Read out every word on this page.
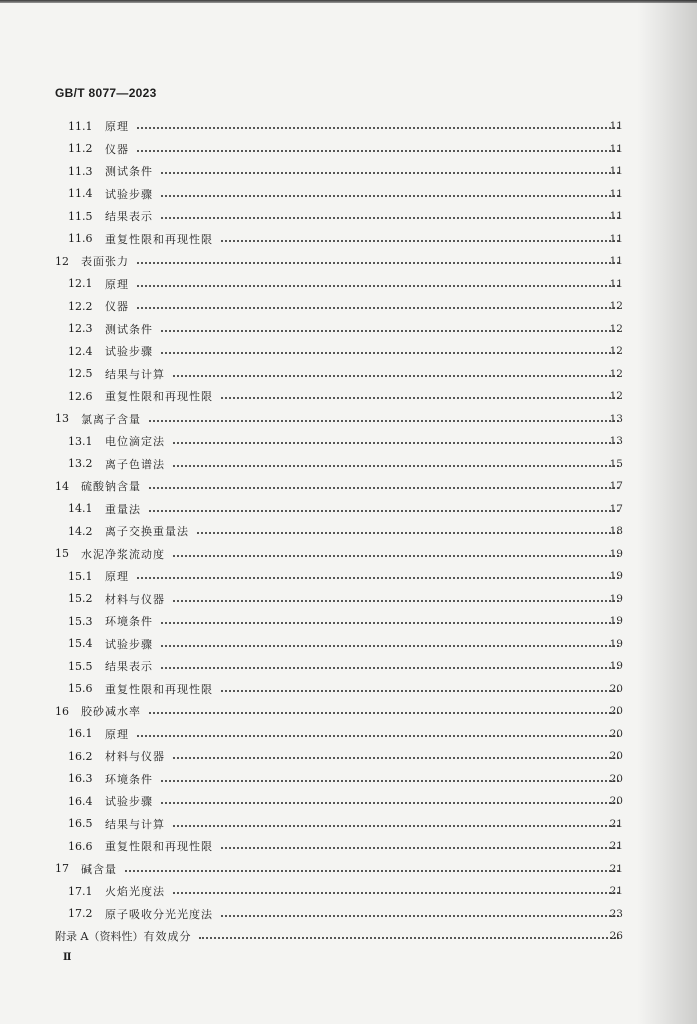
GB/T 8077—2023
11.1	原理	11
11.2	仪器	11
11.3	测试条件	11
11.4	试验步骤	11
11.5	结果表示	11
11.6	重复性限和再现性限	11
12	表面张力	11
12.1	原理	11
12.2	仪器	12
12.3	测试条件	12
12.4	试验步骤	12
12.5	结果与计算	12
12.6	重复性限和再现性限	12
13	氯离子含量	13
13.1	电位滴定法	13
13.2	离子色谱法	15
14	硫酸钠含量	17
14.1	重量法	17
14.2	离子交换重量法	18
15	水泥净浆流动度	19
15.1	原理	19
15.2	材料与仪器	19
15.3	环境条件	19
15.4	试验步骤	19
15.5	结果表示	19
15.6	重复性限和再现性限	20
16	胶砂减水率	20
16.1	原理	20
16.2	材料与仪器	20
16.3	环境条件	20
16.4	试验步骤	20
16.5	结果与计算	21
16.6	重复性限和再现性限	21
17	碱含量	21
17.1	火焰光度法	21
17.2	原子吸收分光光度法	23
附录 A（资料性） 有效成分	26
Ⅱ
